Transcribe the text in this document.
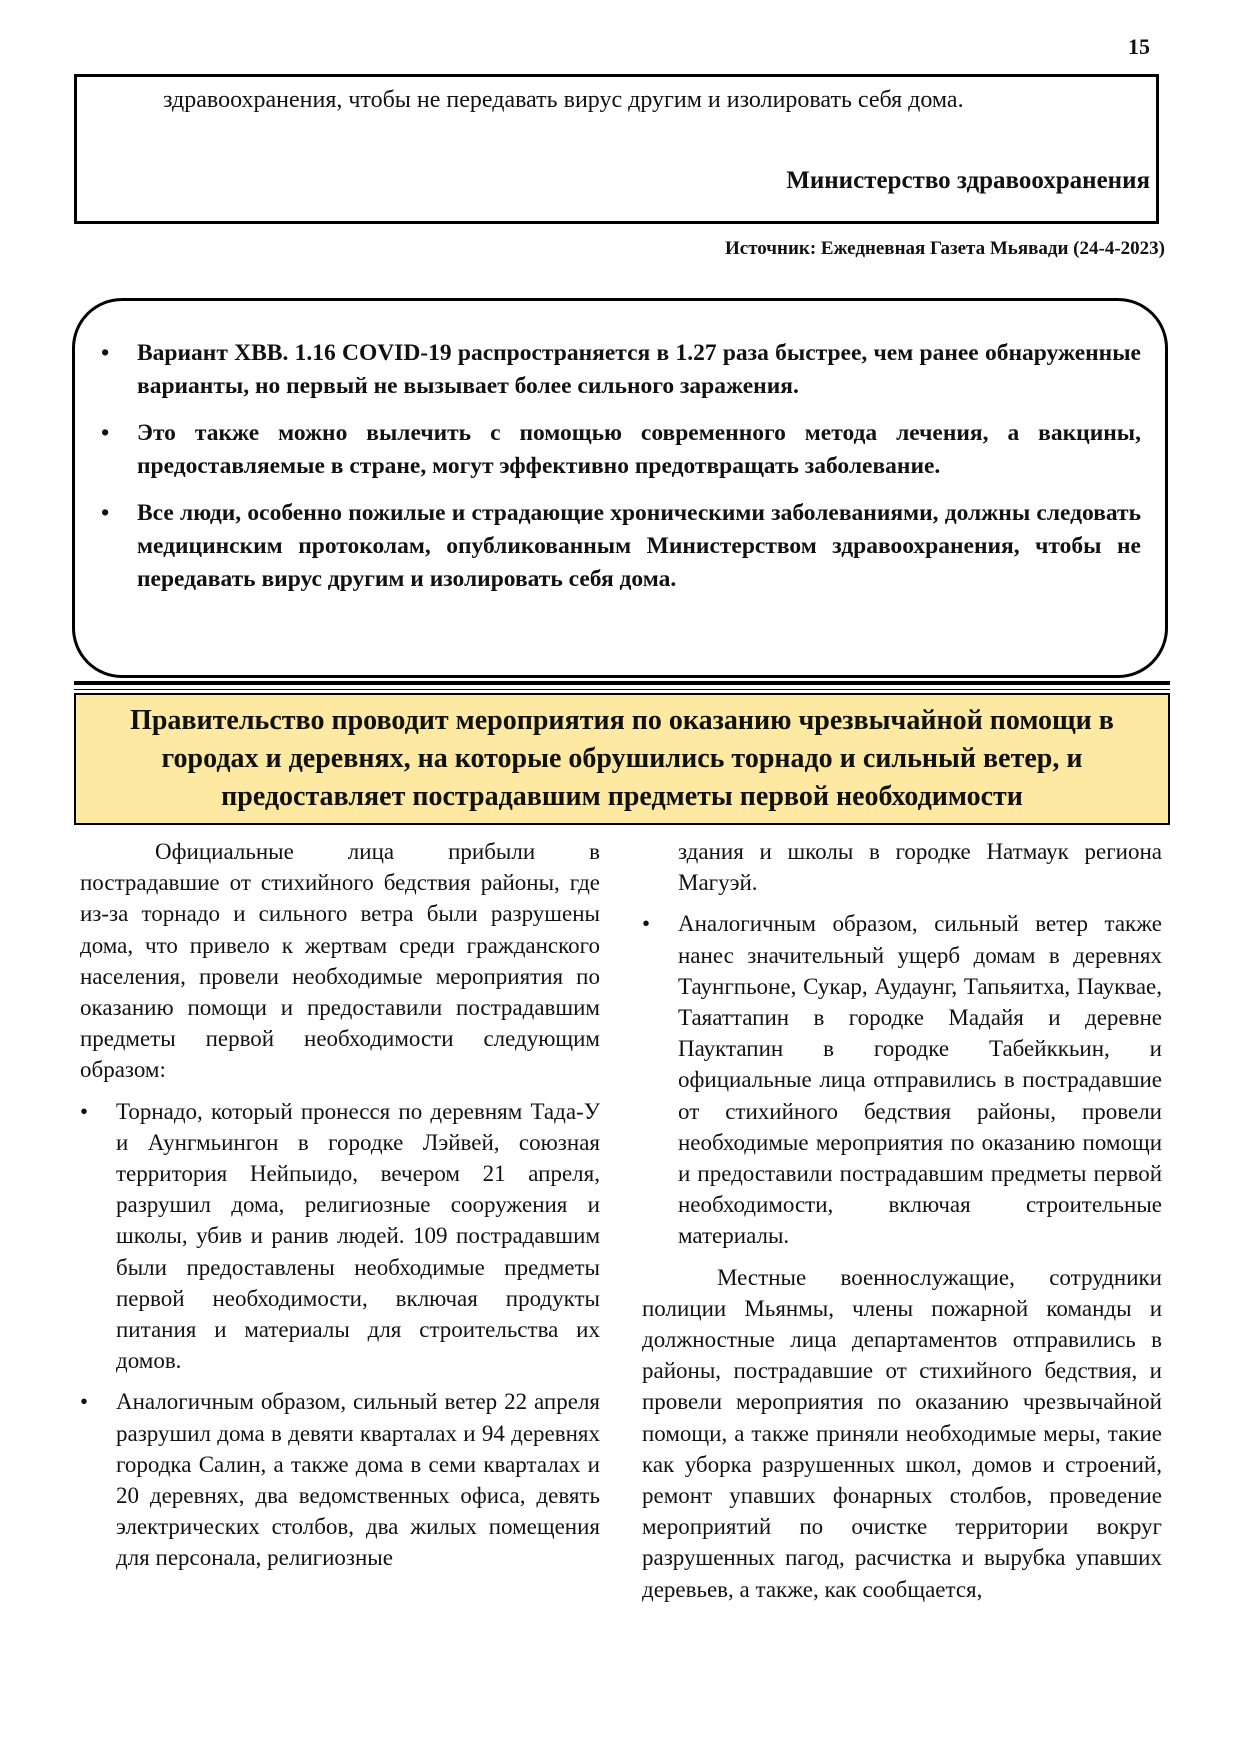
15
здравоохранения, чтобы не передавать вирус другим и изолировать себя дома.
Министерство здравоохранения
Источник: Ежедневная Газета Мьявади (24-4-2023)
• Вариант ХВВ. 1.16 COVID-19 распространяется в 1.27 раза быстрее, чем ранее обнаруженные варианты, но первый не вызывает более сильного заражения.
• Это также можно вылечить с помощью современного метода лечения, а вакцины, предоставляемые в стране, могут эффективно предотвращать заболевание.
• Все люди, особенно пожилые и страдающие хроническими заболеваниями, должны следовать медицинским протоколам, опубликованным Министерством здравоохранения, чтобы не передавать вирус другим и изолировать себя дома.
Правительство проводит мероприятия по оказанию чрезвычайной помощи в городах и деревнях, на которые обрушились торнадо и сильный ветер, и предоставляет пострадавшим предметы первой необходимости

Официальные лица прибыли в пострадавшие от стихийного бедствия районы, где из-за торнадо и сильного ветра были разрушены дома, что привело к жертвам среди гражданского населения, провели необходимые мероприятия по оказанию помощи и предоставили пострадавшим предметы первой необходимости следующим образом:

• Торнадо, который пронесся по деревням Тада-У и Аунгмьингон в городке Лэйвей, союзная территория Нейпыидо, вечером 21 апреля, разрушил дома, религиозные сооружения и школы, убив и ранив людей. 109 пострадавшим были предоставлены необходимые предметы первой необходимости, включая продукты питания и материалы для строительства их домов.
• Аналогичным образом, сильный ветер 22 апреля разрушил дома в девяти кварталах и 94 деревнях городка Салин, а также дома в семи кварталах и 20 деревнях, два ведомственных офиса, девять электрических столбов, два жилых помещения для персонала, религиозные

здания и школы в городке Натмаук региона Магуэй.

• Аналогичным образом, сильный ветер также нанес значительный ущерб домам в деревнях Таунгпьоне, Сукар, Аудаунг, Тапьяитха, Паукваe, Таяаттапин в городке Мадайя и деревне Пауктапин в городке Табейккьин, и официальные лица отправились в пострадавшие от стихийного бедствия районы, провели необходимые мероприятия по оказанию помощи и предоставили пострадавшим предметы первой необходимости, включая строительные материалы.

Местные военнослужащие, сотрудники полиции Мьянмы, члены пожарной команды и должностные лица департаментов отправились в районы, пострадавшие от стихийного бедствия, и провели мероприятия по оказанию чрезвычайной помощи, а также приняли необходимые меры, такие как уборка разрушенных школ, домов и строений, ремонт упавших фонарных столбов, проведение мероприятий по очистке территории вокруг разрушенных пагод, расчистка и вырубка упавших деревьев, а также, как сообщается,
